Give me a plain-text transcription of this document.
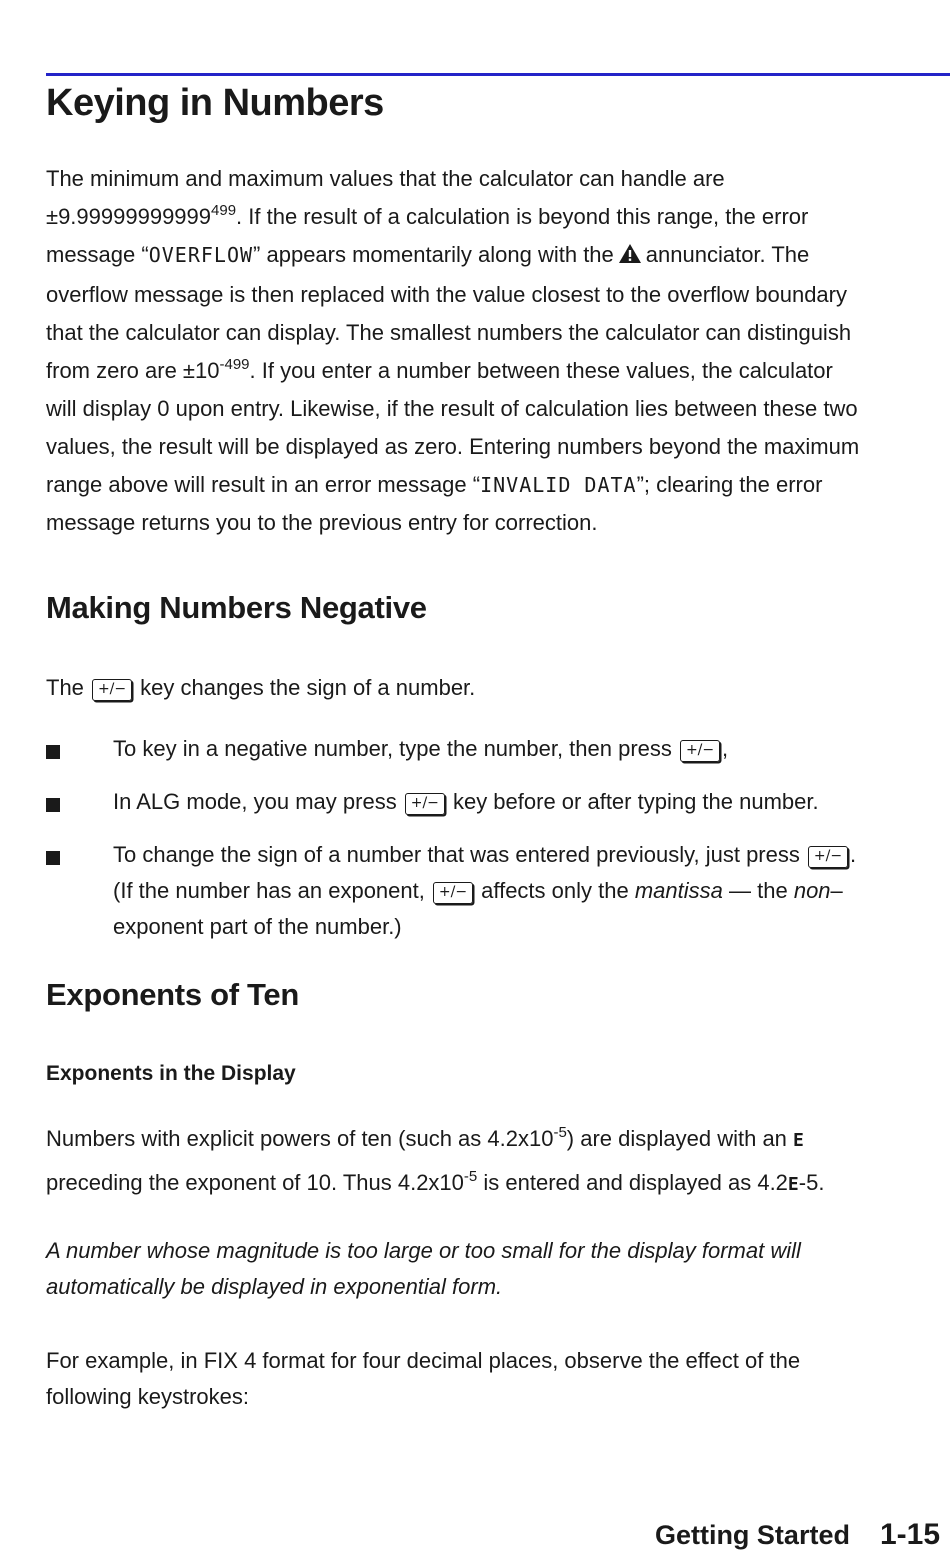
Keying in Numbers

The minimum and maximum values that the calculator can handle are
$\pm 9.99999999999^{499}$. If the result of a calculation is beyond this range, the error
message “OVERFLOW” appears momentarily along with the annunciator. The
overflow message is then replaced with the value closest to the overflow boundary
that the calculator can display. The smallest numbers the calculator can distinguish
from zero are $\pm 10^{-499}$. If you enter a number between these values, the calculator
will display 0 upon entry. Likewise, if the result of calculation lies between these two
values, the result will be displayed as zero. Entering numbers beyond the maximum
range above will result in an error message “INVALID DATA”; clearing the error
message returns you to the previous entry for correction.

Making Numbers Negative

The +/− key changes the sign of a number.

To key in a negative number, type the number, then press +/− ,
In ALG mode, you may press +/− key before or after typing the number.
To change the sign of a number that was entered previously, just press +/− .
(If the number has an exponent, +/− affects only the mantissa — the non–
exponent part of the number.)
Exponents of Ten
Exponents in the Display

Numbers with explicit powers of ten (such as $4.2x10^{-5}$) are displayed with an E
preceding the exponent of 10. Thus $4.2x10^{-5}$ is entered and displayed as 4.2E-5.

A number whose magnitude is too large or too small for the display format will
automatically be displayed in exponential form.

For example, in FIX 4 format for four decimal places, observe the effect of the
following keystrokes:

Getting Started 1-15
